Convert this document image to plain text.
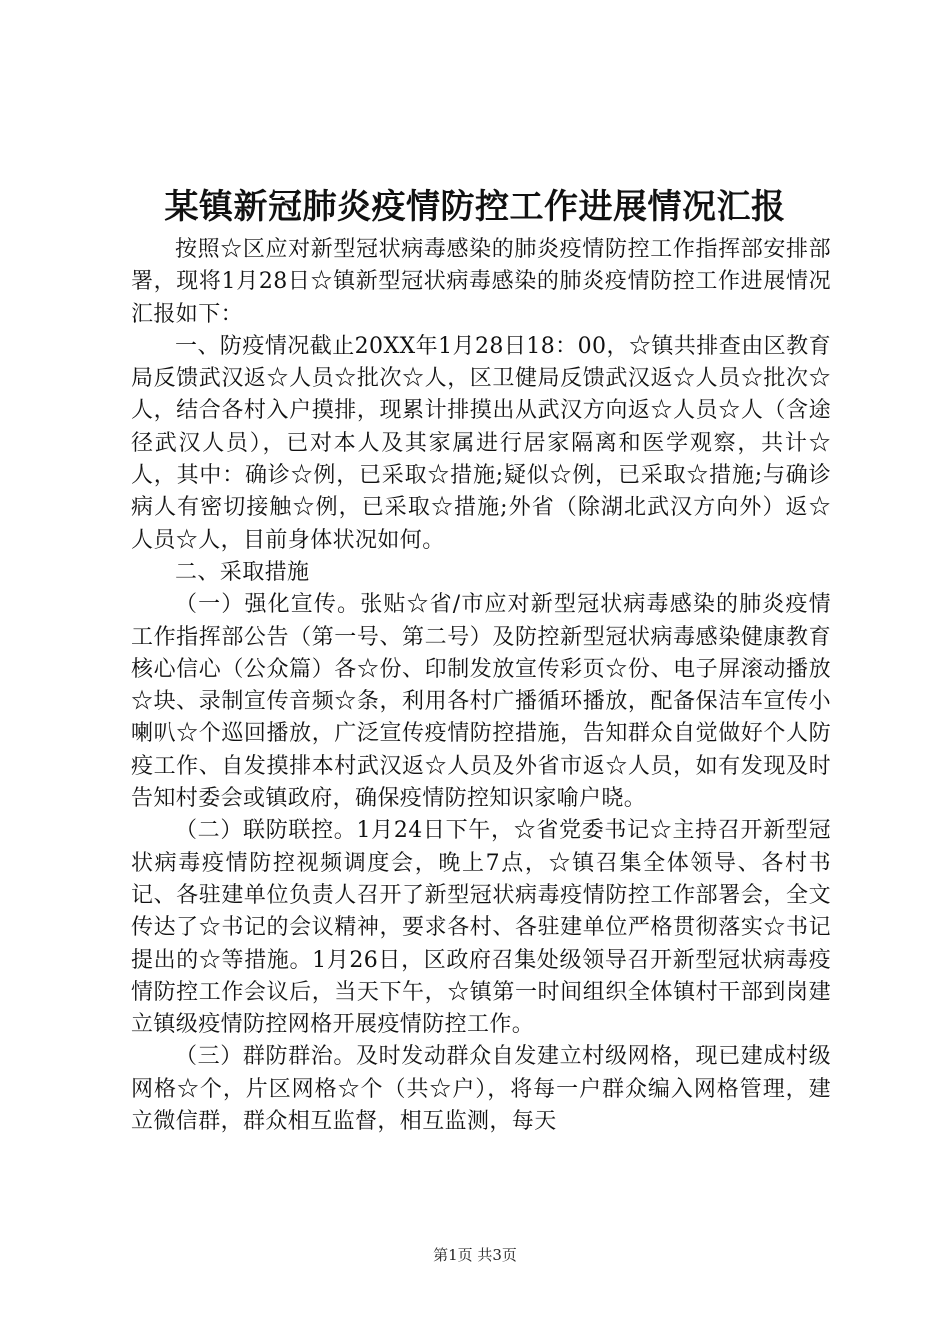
某镇新冠肺炎疫情防控工作进展情况汇报

按照☆区应对新型冠状病毒感染的肺炎疫情防控工作指挥部安排部署，现将1月28日☆镇新型冠状病毒感染的肺炎疫情防控工作进展情况汇报如下：

一、防疫情况截止20XX年1月28日18：00，☆镇共排查由区教育局反馈武汉返☆人员☆批次☆人，区卫健局反馈武汉返☆人员☆批次☆人，结合各村入户摸排，现累计排摸出从武汉方向返☆人员☆人（含途径武汉人员），已对本人及其家属进行居家隔离和医学观察，共计☆人，其中：确诊☆例，已采取☆措施;疑似☆例，已采取☆措施;与确诊病人有密切接触☆例，已采取☆措施;外省（除湖北武汉方向外）返☆人员☆人，目前身体状况如何。

二、采取措施

（一）强化宣传。张贴☆省/市应对新型冠状病毒感染的肺炎疫情工作指挥部公告（第一号、第二号）及防控新型冠状病毒感染健康教育核心信心（公众篇）各☆份、印制发放宣传彩页☆份、电子屏滚动播放☆块、录制宣传音频☆条，利用各村广播循环播放，配备保洁车宣传小喇叭☆个巡回播放，广泛宣传疫情防控措施，告知群众自觉做好个人防疫工作、自发摸排本村武汉返☆人员及外省市返☆人员，如有发现及时告知村委会或镇政府，确保疫情防控知识家喻户晓。

（二）联防联控。1月24日下午，☆省党委书记☆主持召开新型冠状病毒疫情防控视频调度会，晚上7点，☆镇召集全体领导、各村书记、各驻建单位负责人召开了新型冠状病毒疫情防控工作部署会，全文传达了☆书记的会议精神，要求各村、各驻建单位严格贯彻落实☆书记提出的☆等措施。1月26日，区政府召集处级领导召开新型冠状病毒疫情防控工作会议后，当天下午，☆镇第一时间组织全体镇村干部到岗建立镇级疫情防控网格开展疫情防控工作。

（三）群防群治。及时发动群众自发建立村级网格，现已建成村级网格☆个，片区网格☆个（共☆户），将每一户群众编入网格管理，建立微信群，群众相互监督，相互监测，每天

第1页 共3页
